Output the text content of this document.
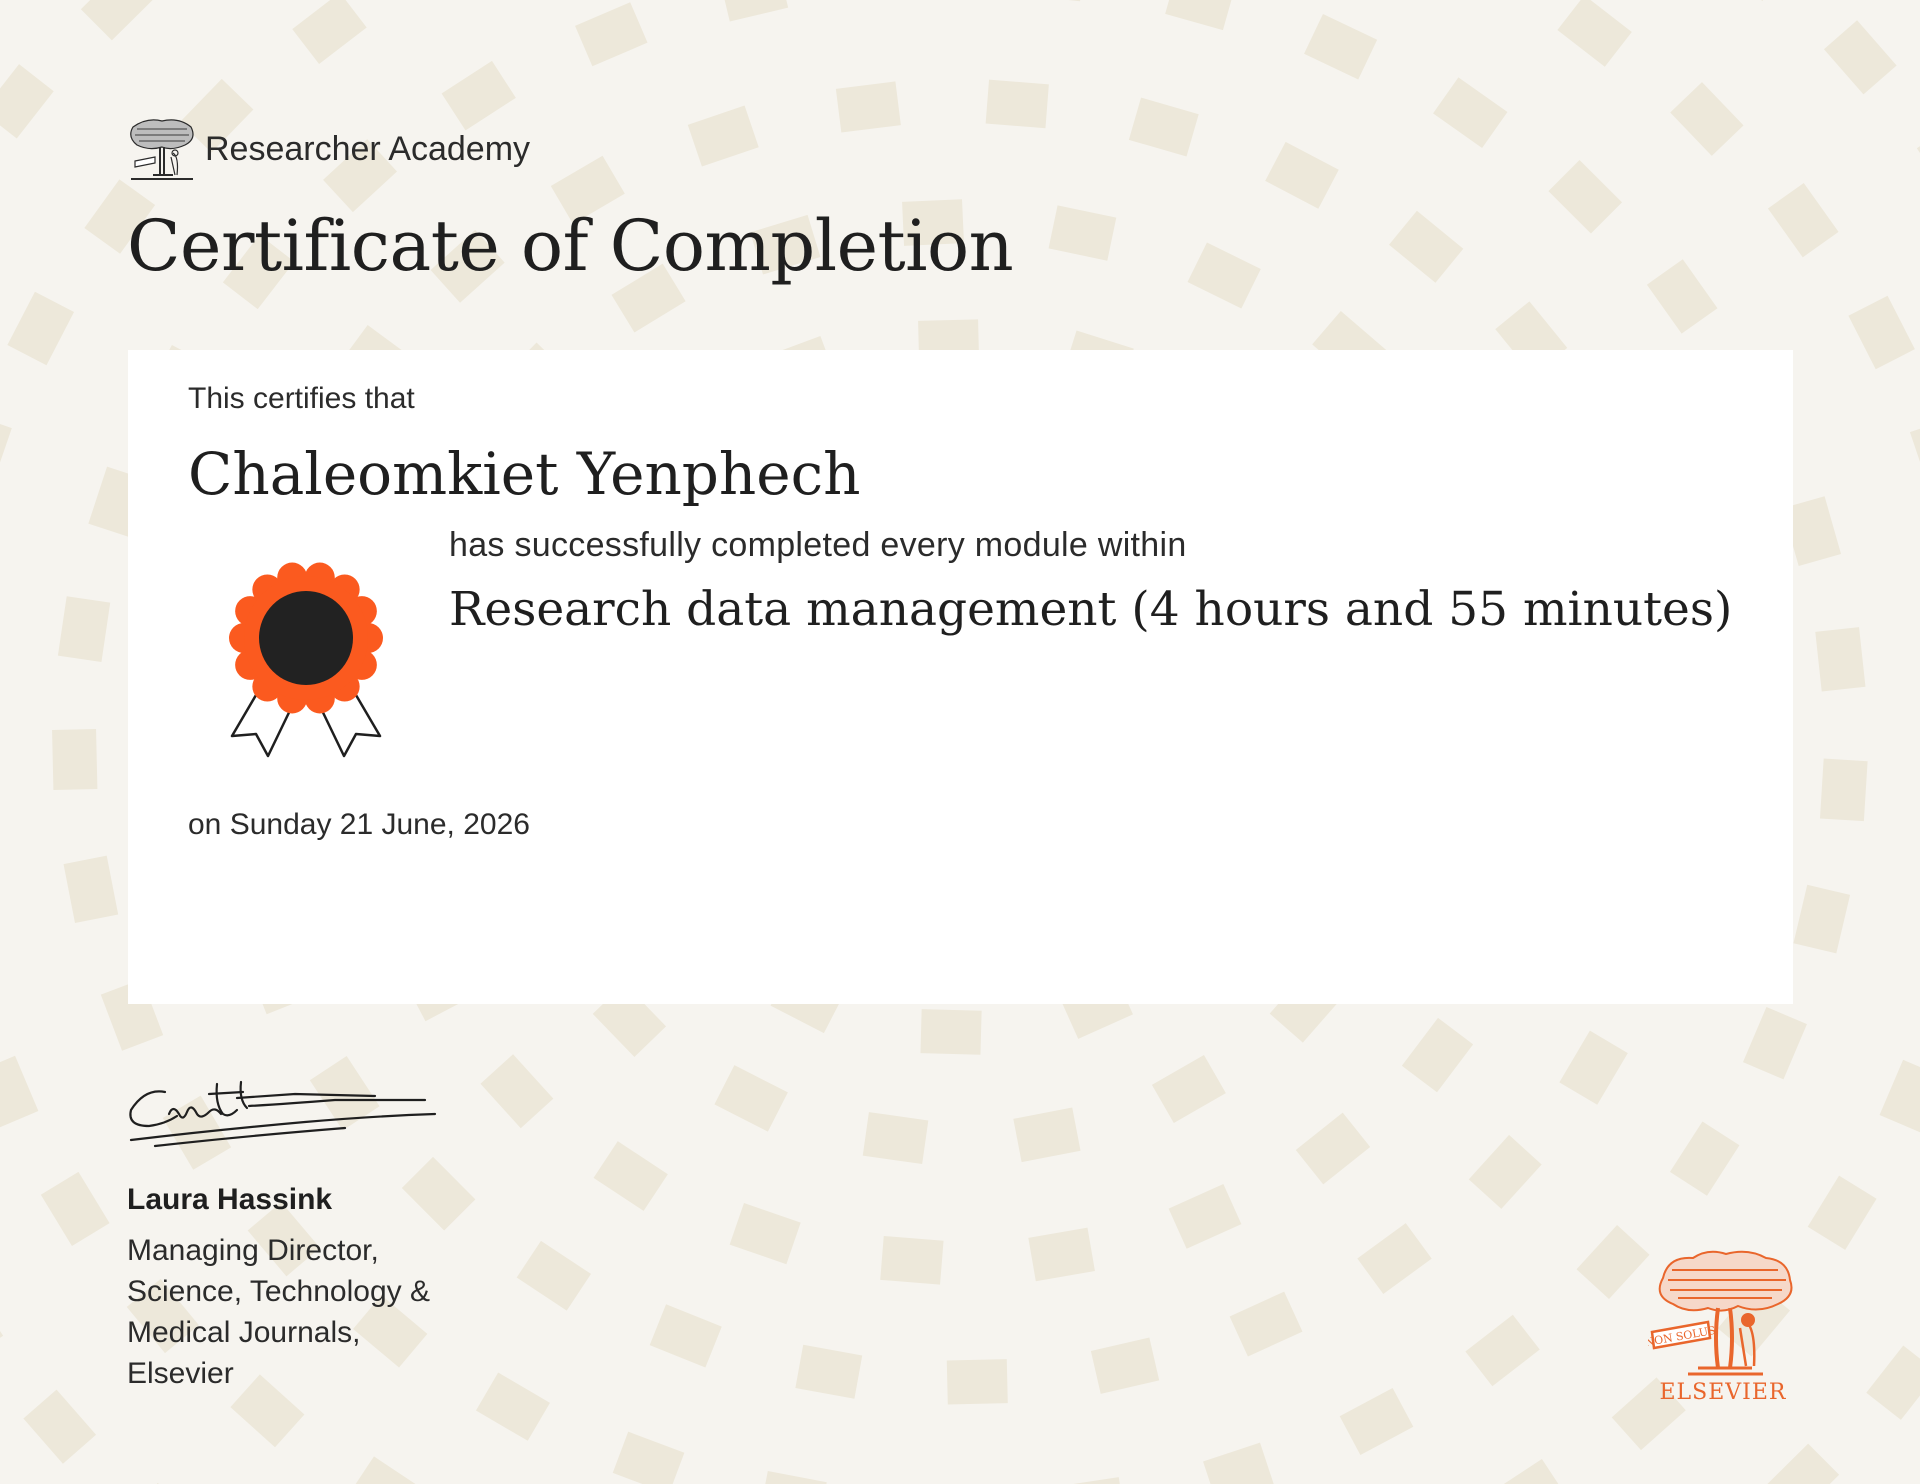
Researcher Academy
Certificate of Completion
This certifies that
Chaleomkiet Yenphech
has successfully completed every module within
Research data management (4 hours and 55 minutes)
on Sunday 21 June, 2026
Laura Hassink
Managing Director,
Science, Technology &
Medical Journals,
Elsevier
NON SOLUS
ELSEVIER
